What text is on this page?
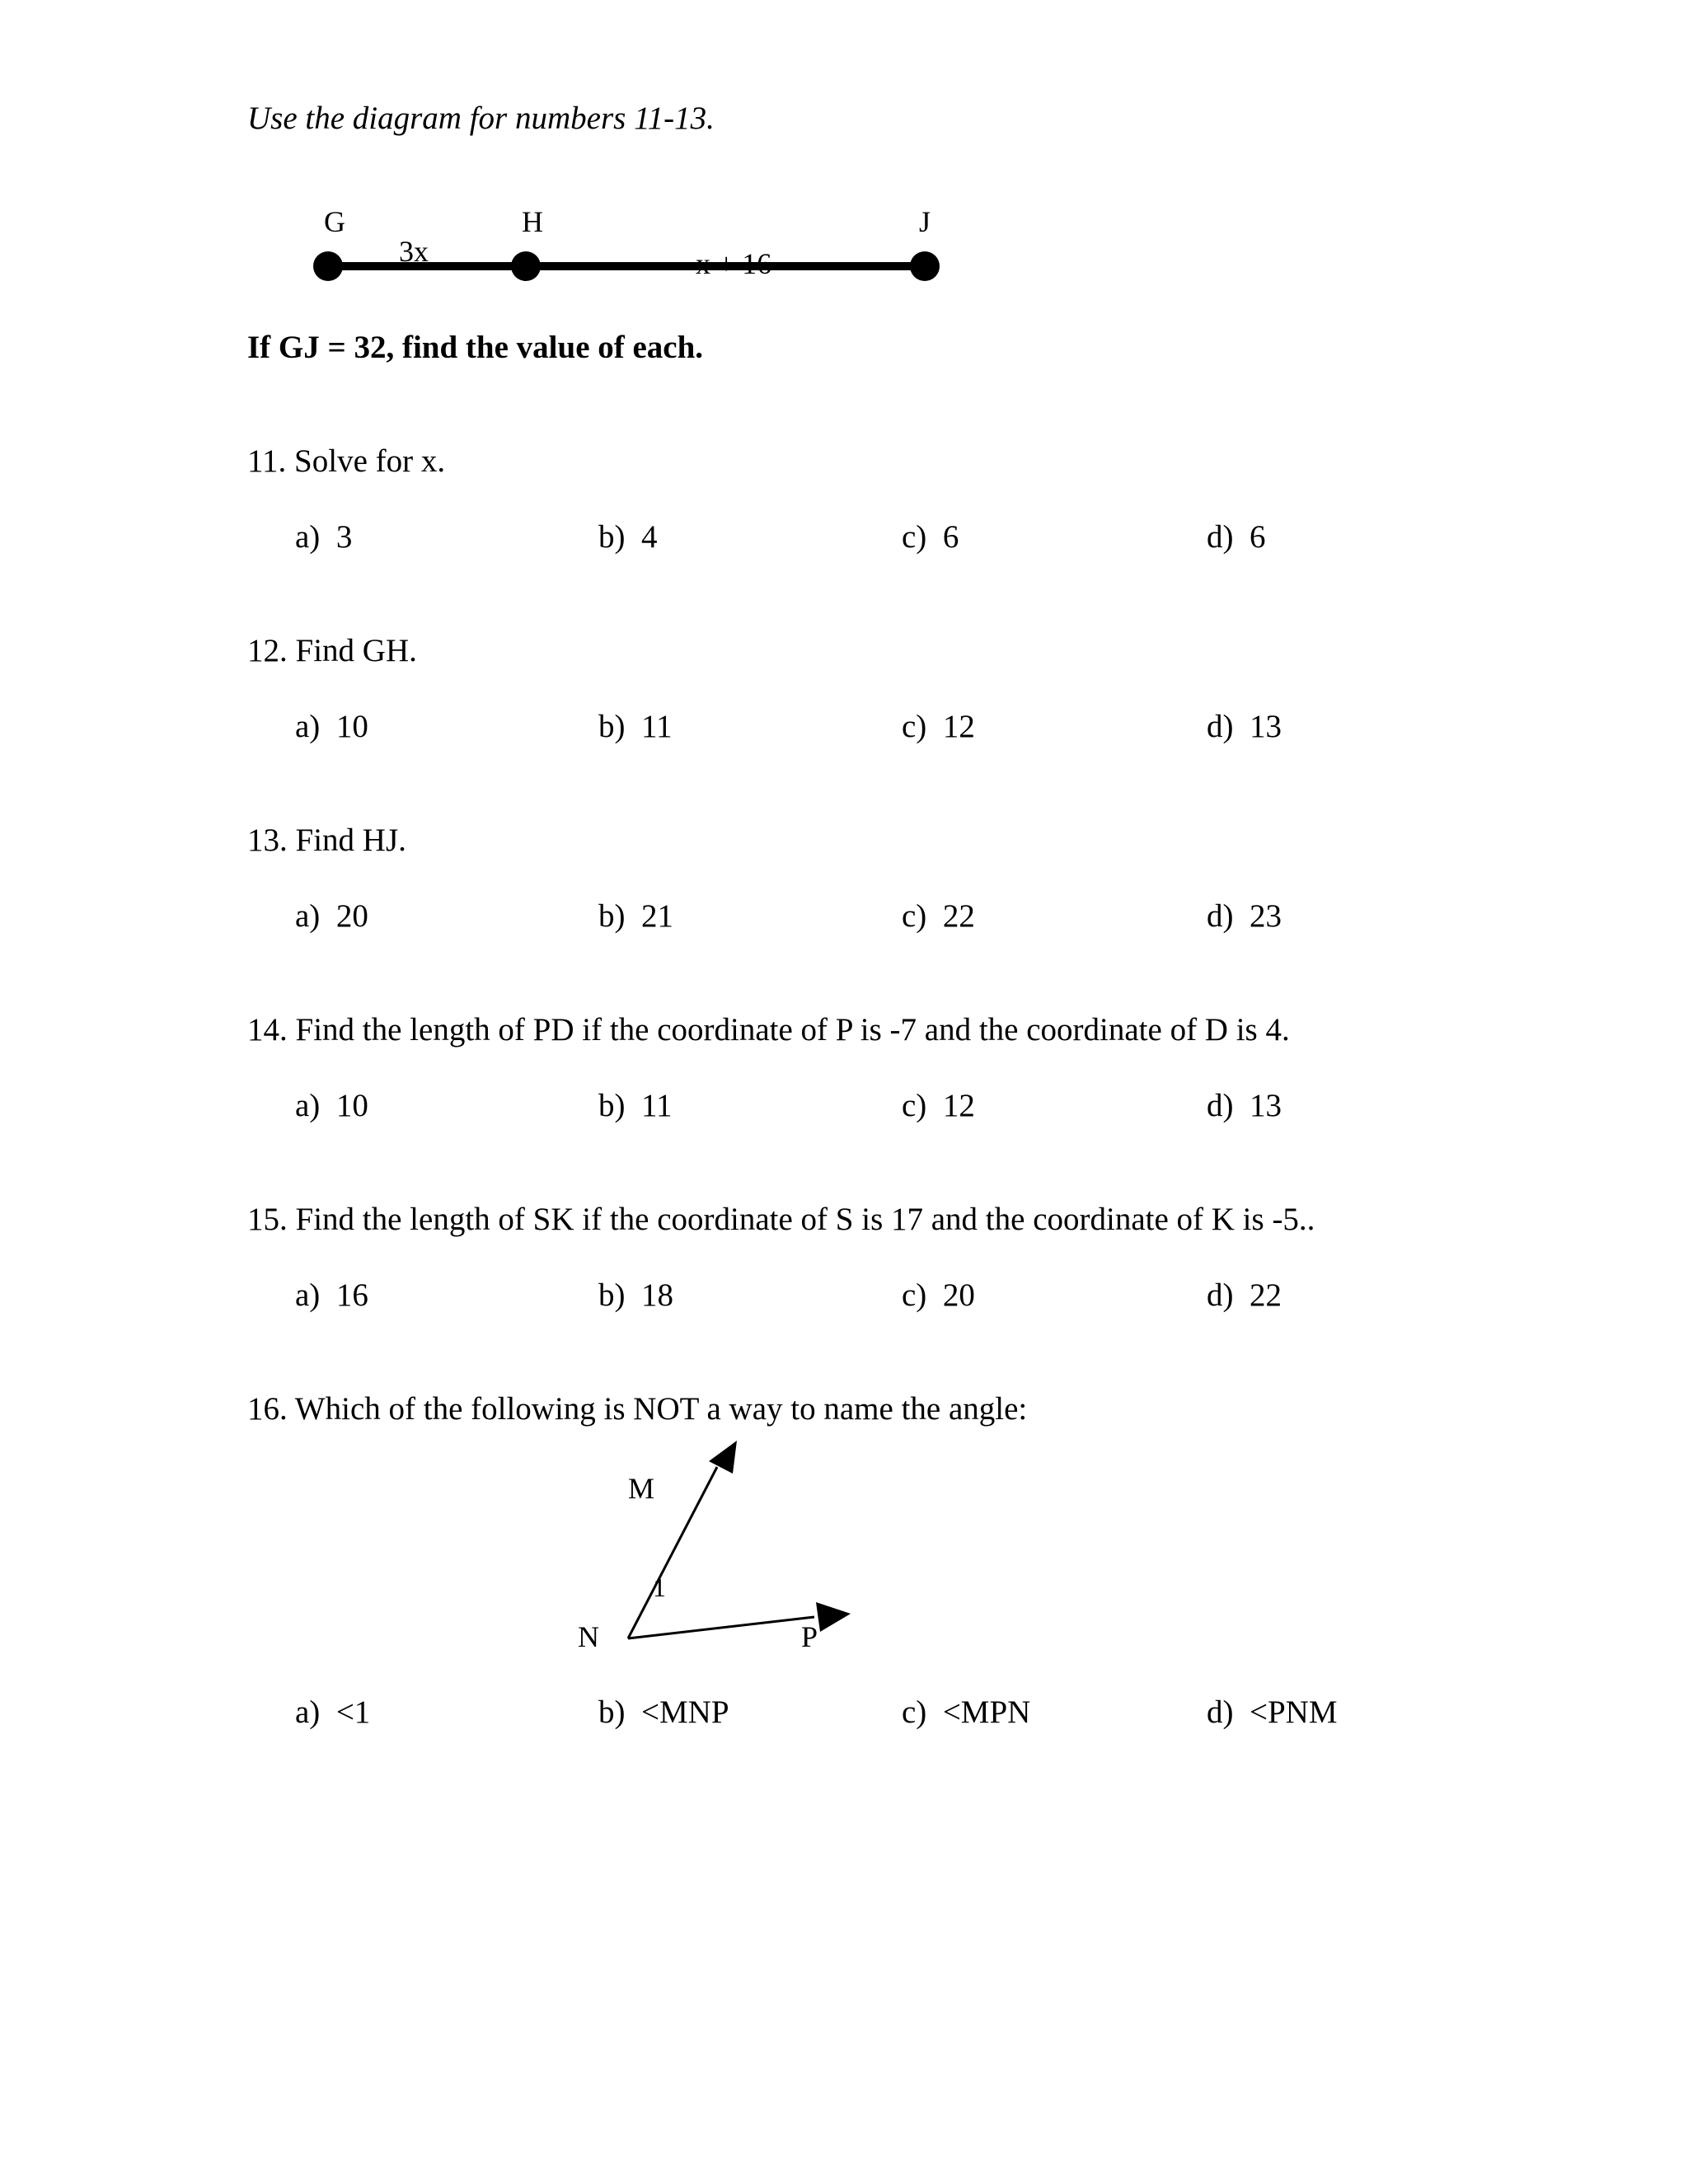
Use the diagram for numbers 11-13.
G	H	J
3x	x + 16
If GJ = 32, find the value of each.
11. Solve for x.
a) 3	b) 4	c) 6	d) 6
12. Find GH.
a) 10	b) 11	c) 12	d) 13
13. Find HJ.
a) 20	b) 21	c) 22	d) 23
14. Find the length of PD if the coordinate of P is -7 and the coordinate of D is 4.
a) 10	b) 11	c) 12	d) 13
15. Find the length of SK if the coordinate of S is 17 and the coordinate of K is -5..
a) 16	b) 18	c) 20	d) 22
16. Which of the following is NOT a way to name the angle:
M
N	P
1
a) <1	b) <MNP	c) <MPN	d) <PNM
